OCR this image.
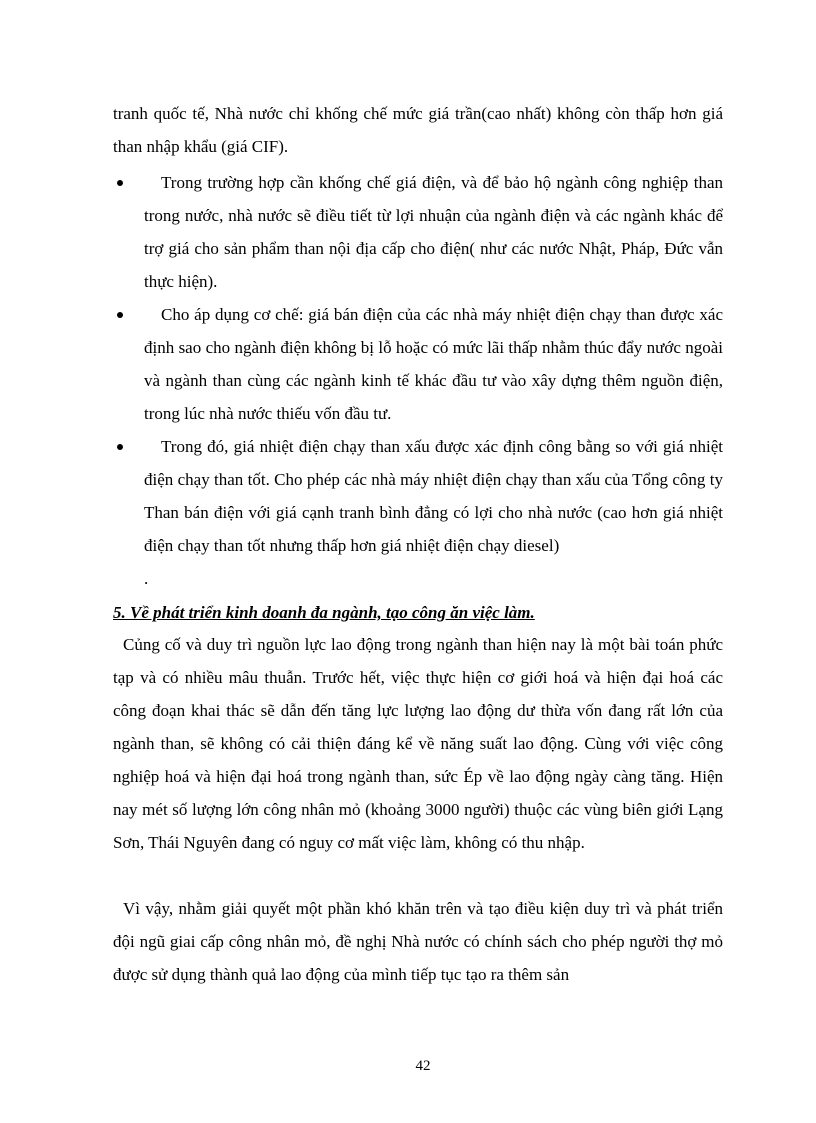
tranh quốc tế, Nhà nước chỉ khống chế mức giá trần(cao nhất) không còn thấp hơn giá than nhập khẩu (giá CIF).

Trong trường hợp cần khống chế giá điện, và để bảo hộ ngành công nghiệp than trong nước, nhà nước sẽ điều tiết từ lợi nhuận của ngành điện và các ngành khác để trợ giá cho sản phẩm than nội địa cấp cho điện( như các nước Nhật, Pháp, Đức vẫn thực hiện).

Cho áp dụng cơ chế: giá bán điện của các nhà máy nhiệt điện chạy than được xác định sao cho ngành điện không bị lỗ hoặc có mức lãi thấp nhằm thúc đẩy nước ngoài và ngành than cùng các ngành kinh tế khác đầu tư vào xây dựng thêm nguồn điện, trong lúc nhà nước thiếu vốn đầu tư.

Trong đó, giá nhiệt điện chạy than xấu được xác định công bằng so với giá nhiệt điện chạy than tốt. Cho phép các nhà máy nhiệt điện chạy than xấu của Tổng công ty Than bán điện với giá cạnh tranh bình đẳng có lợi cho nhà nước (cao hơn giá nhiệt điện chạy than tốt nhưng thấp hơn giá nhiệt điện chạy diesel)

.
5. Về phát triển kinh doanh đa ngành, tạo công ăn việc làm.

Củng cố và duy trì nguồn lực lao động trong ngành than hiện nay là một bài toán phức tạp và có nhiều mâu thuẫn. Trước hết, việc thực hiện cơ giới hoá và hiện đại hoá các công đoạn khai thác sẽ dẫn đến tăng lực lượng lao động dư thừa vốn đang rất lớn của ngành than, sẽ không có cải thiện đáng kể về năng suất lao động. Cùng với việc công nghiệp hoá và hiện đại hoá trong ngành than, sức Ép về lao động ngày càng tăng. Hiện nay mét số lượng lớn công nhân mỏ (khoảng 3000 người) thuộc các vùng biên giới Lạng Sơn, Thái Nguyên đang có nguy cơ mất việc làm, không có thu nhập.

Vì vậy, nhằm giải quyết một phần khó khăn trên và tạo điều kiện duy trì và phát triển đội ngũ giai cấp công nhân mỏ, đề nghị Nhà nước có chính sách cho phép người thợ mỏ được sử dụng thành quả lao động của mình tiếp tục tạo ra thêm sản

42
